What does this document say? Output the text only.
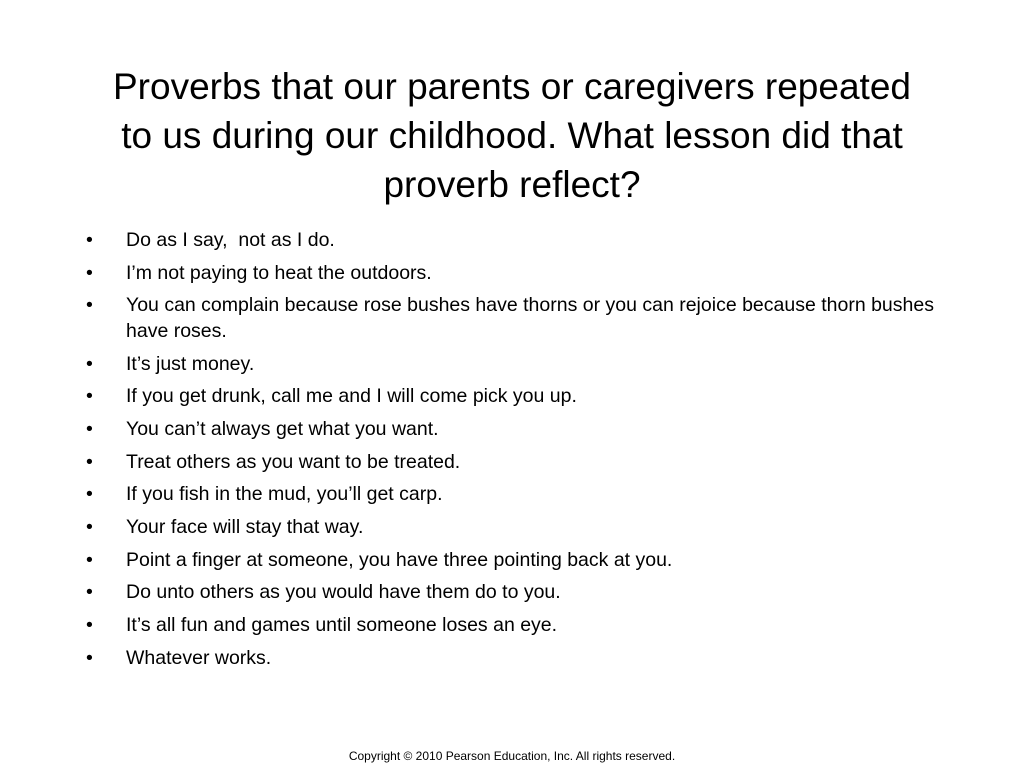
Proverbs that our parents or caregivers repeated to us during our childhood. What lesson did that proverb reflect?
•	Do as I say,  not as I do.
•	I’m not paying to heat the outdoors.
•	You can complain because rose bushes have thorns or you can rejoice because thorn bushes have roses.
•	It’s just money.
•	If you get drunk, call me and I will come pick you up.
•	You can’t always get what you want.
•	Treat others as you want to be treated.
•	If you fish in the mud, you’ll get carp.
•	Your face will stay that way.
•	Point a finger at someone, you have three pointing back at you.
•	Do unto others as you would have them do to you.
•	It’s all fun and games until someone loses an eye.
•	Whatever works.

Copyright © 2010 Pearson Education, Inc. All rights reserved.
